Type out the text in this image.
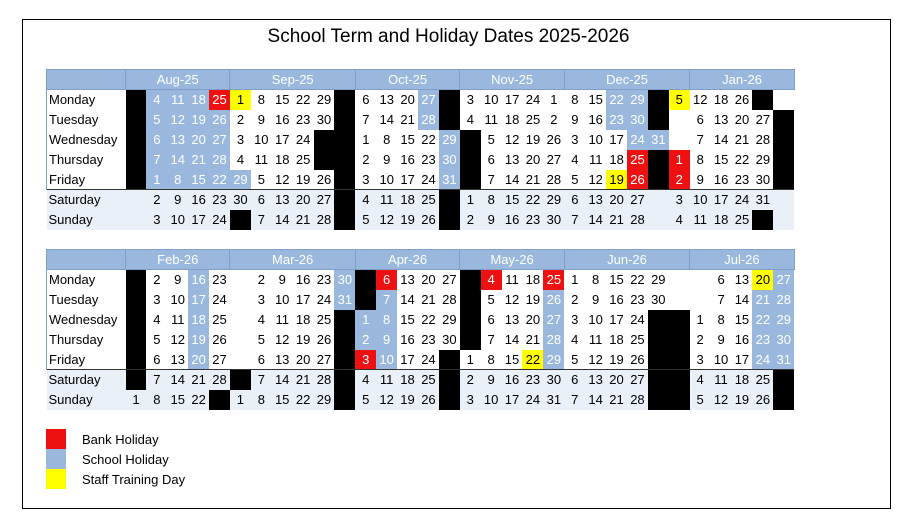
School Term and Holiday Dates 2025-2026
	Aug-25					Sep-25						Oct-25					Nov-25					Dec-25						Jan-26				
Monday		4	11	18	25	1	8	15	22	29		6	13	20	27		3	10	17	24	1	8	15	22	29		5	12	18	26		
Tuesday		5	12	19	26	2	9	16	23	30		7	14	21	28		4	11	18	25	2	9	16	23	30			6	13	20	27	
Wednesday		6	13	20	27	3	10	17	24			1	8	15	22	29		5	12	19	26	3	10	17	24	31		7	14	21	28	
Thursday		7	14	21	28	4	11	18	25			2	9	16	23	30		6	13	20	27	4	11	18	25		1	8	15	22	29	
Friday		1	8	15	22	29	5	12	19	26		3	10	17	24	31		7	14	21	28	5	12	19	26		2	9	16	23	30	
Saturday		2	9	16	23	30	6	13	20	27		4	11	18	25		1	8	15	22	29	6	13	20	27		3	10	17	24	31	
Sunday		3	10	17	24		7	14	21	28		5	12	19	26		2	9	16	23	30	7	14	21	28		4	11	18	25		
	Feb-26					Mar-26						Apr-26					May-26					Jun-26						Jul-26				
Monday		2	9	16	23		2	9	16	23	30		6	13	20	27		4	11	18	25	1	8	15	22	29			6	13	20	27
Tuesday		3	10	17	24		3	10	17	24	31		7	14	21	28		5	12	19	26	2	9	16	23	30			7	14	21	28
Wednesday		4	11	18	25		4	11	18	25		1	8	15	22	29		6	13	20	27	3	10	17	24			1	8	15	22	29
Thursday		5	12	19	26		5	12	19	26		2	9	16	23	30		7	14	21	28	4	11	18	25			2	9	16	23	30
Friday		6	13	20	27		6	13	20	27		3	10	17	24		1	8	15	22	29	5	12	19	26			3	10	17	24	31
Saturday		7	14	21	28		7	14	21	28		4	11	18	25		2	9	16	23	30	6	13	20	27			4	11	18	25	
Sunday	1	8	15	22		1	8	15	22	29		5	12	19	26		3	10	17	24	31	7	14	21	28			5	12	19	26	
Bank Holiday
School Holiday
Staff Training Day
